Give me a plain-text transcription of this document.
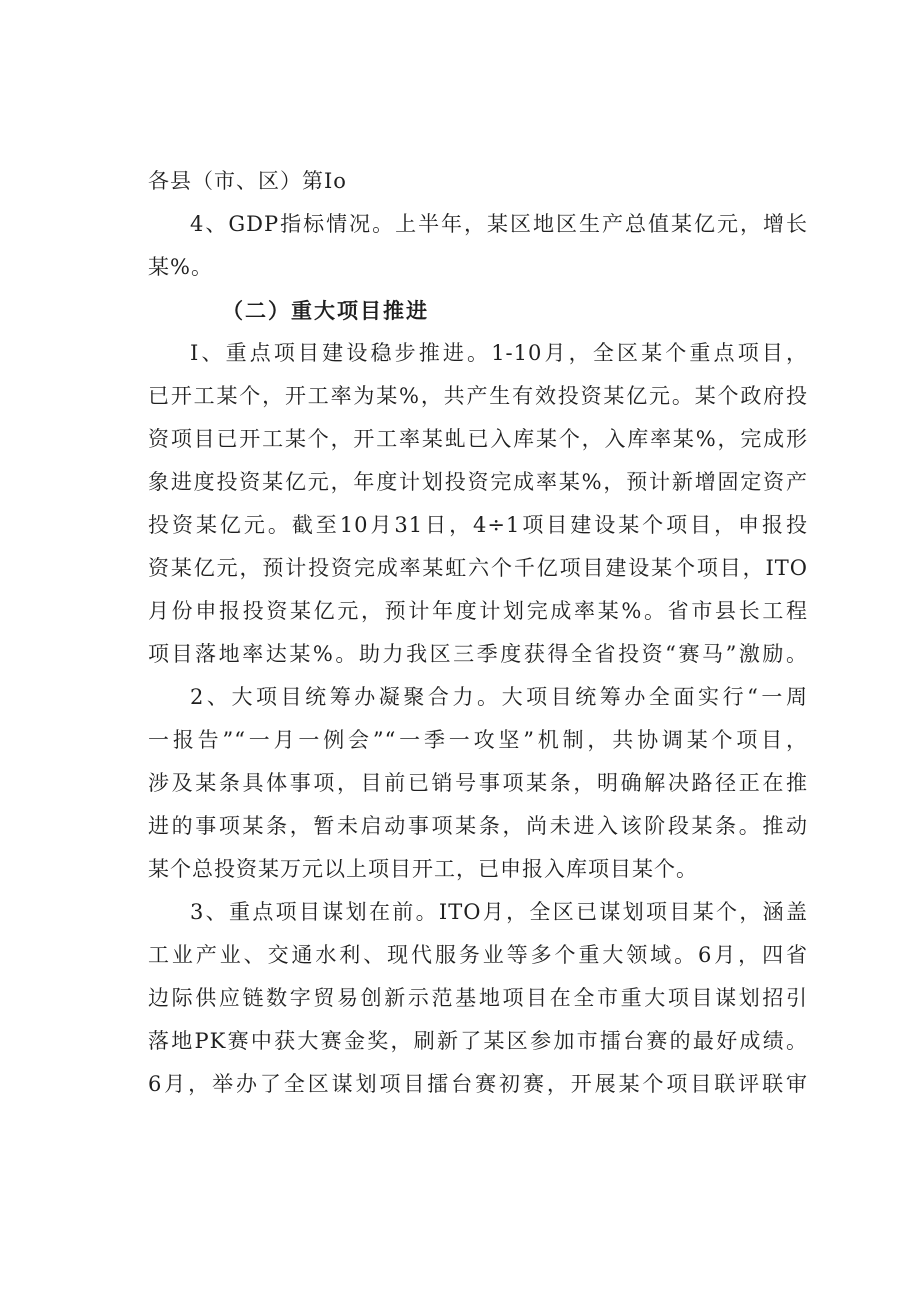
各县（市、区）第Io
4、GDP指标情况。上半年，某区地区生产总值某亿元，增长
某%。
（二）重大项目推进
I、重点项目建设稳步推进。1-10月，全区某个重点项目，
已开工某个，开工率为某%，共产生有效投资某亿元。某个政府投
资项目已开工某个，开工率某虬已入库某个，入库率某%，完成形
象进度投资某亿元，年度计划投资完成率某%，预计新增固定资产
投资某亿元。截至10月31日，4÷1项目建设某个项目，申报投
资某亿元，预计投资完成率某虹六个千亿项目建设某个项目，ITO
月份申报投资某亿元，预计年度计划完成率某%。省市县长工程
项目落地率达某%。助力我区三季度获得全省投资“赛马”激励。
2、大项目统筹办凝聚合力。大项目统筹办全面实行“一周
一报告”“一月一例会”“一季一攻坚”机制，共协调某个项目，
涉及某条具体事项，目前已销号事项某条，明确解决路径正在推
进的事项某条，暂未启动事项某条，尚未进入该阶段某条。推动
某个总投资某万元以上项目开工，已申报入库项目某个。
3、重点项目谋划在前。ITO月，全区已谋划项目某个，涵盖
工业产业、交通水利、现代服务业等多个重大领域。6月，四省
边际供应链数字贸易创新示范基地项目在全市重大项目谋划招引
落地PK赛中获大赛金奖，刷新了某区参加市擂台赛的最好成绩。
6月，举办了全区谋划项目擂台赛初赛，开展某个项目联评联审
